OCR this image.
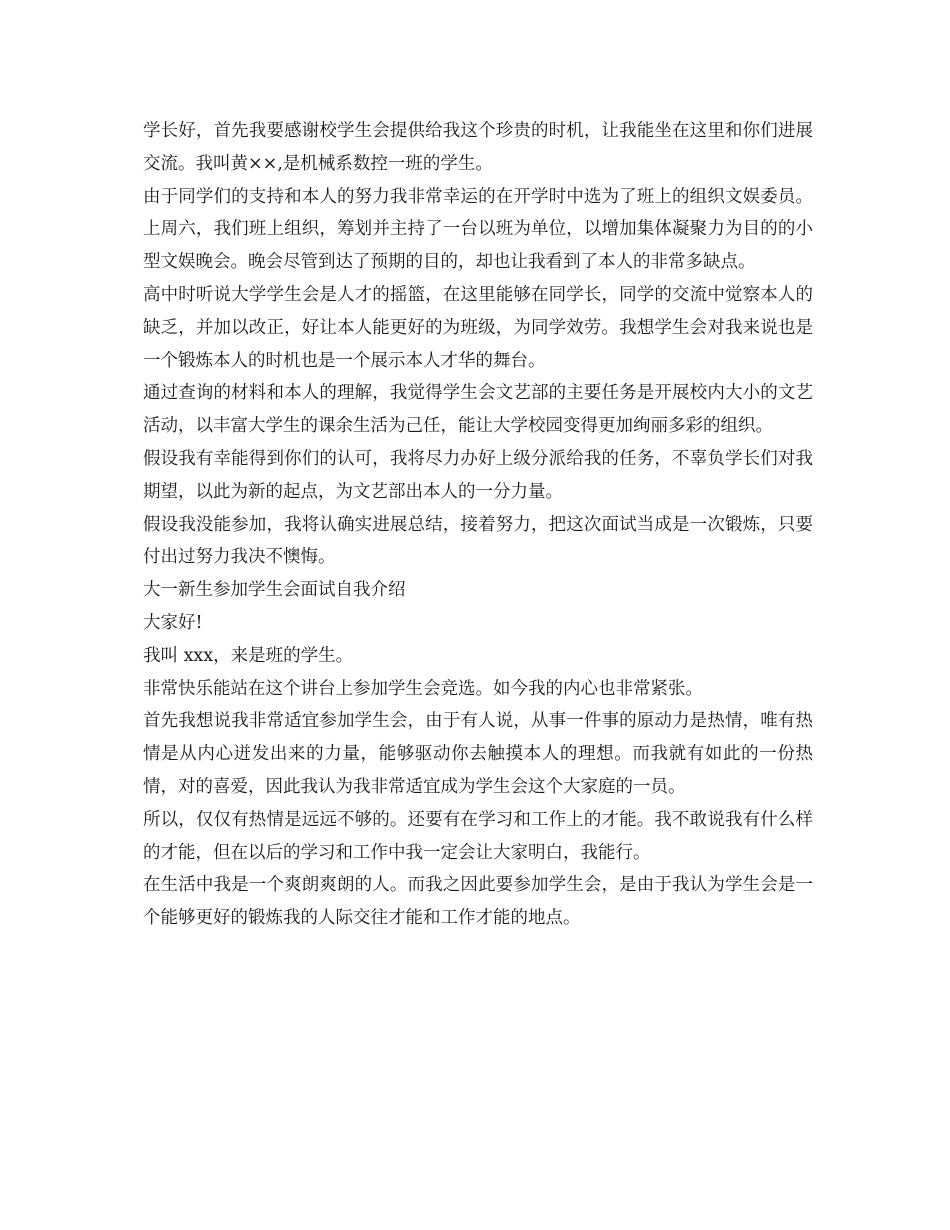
学长好，首先我要感谢校学生会提供给我这个珍贵的时机，让我能坐在这里和你们进展交流。我叫黄××,是机械系数控一班的学生。

由于同学们的支持和本人的努力我非常幸运的在开学时中选为了班上的组织文娱委员。上周六，我们班上组织，筹划并主持了一台以班为单位，以增加集体凝聚力为目的的小型文娱晚会。晚会尽管到达了预期的目的，却也让我看到了本人的非常多缺点。

高中时听说大学学生会是人才的摇篮，在这里能够在同学长，同学的交流中觉察本人的缺乏，并加以改正，好让本人能更好的为班级，为同学效劳。我想学生会对我来说也是一个锻炼本人的时机也是一个展示本人才华的舞台。

通过查询的材料和本人的理解，我觉得学生会文艺部的主要任务是开展校内大小的文艺活动，以丰富大学生的课余生活为己任，能让大学校园变得更加绚丽多彩的组织。

假设我有幸能得到你们的认可，我将尽力办好上级分派给我的任务，不辜负学长们对我期望，以此为新的起点，为文艺部出本人的一分力量。

假设我没能参加，我将认确实进展总结，接着努力，把这次面试当成是一次锻炼，只要付出过努力我决不懊悔。

大一新生参加学生会面试自我介绍

大家好!

我叫 xxx，来是班的学生。

非常快乐能站在这个讲台上参加学生会竞选。如今我的内心也非常紧张。

首先我想说我非常适宜参加学生会，由于有人说，从事一件事的原动力是热情，唯有热情是从内心迸发出来的力量，能够驱动你去触摸本人的理想。而我就有如此的一份热情，对的喜爱，因此我认为我非常适宜成为学生会这个大家庭的一员。

所以，仅仅有热情是远远不够的。还要有在学习和工作上的才能。我不敢说我有什么样的才能，但在以后的学习和工作中我一定会让大家明白，我能行。

在生活中我是一个爽朗爽朗的人。而我之因此要参加学生会，是由于我认为学生会是一个能够更好的锻炼我的人际交往才能和工作才能的地点。
